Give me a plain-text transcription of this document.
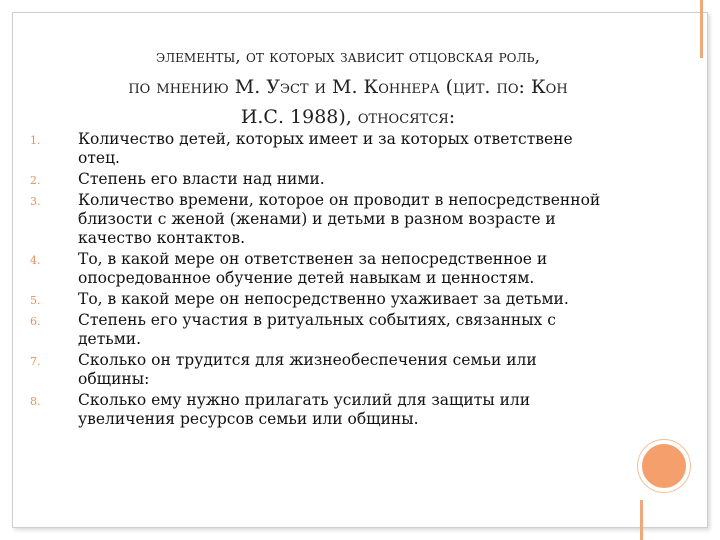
элементы, от которых зависит отцовская роль,
по мнению М. Уэст и М. Коннера (цит. по: Кон
И.С. 1988), относятся:
1. Количество детей, которых имеет и за которых ответствене
отец.
2. Степень его власти над ними.
3. Количество времени, которое он проводит в непосредственной
близости с женой (женами) и детьми в разном возрасте и
качество контактов.
4. То, в какой мере он ответственен за непосредственное и
опосредованное обучение детей навыкам и ценностям.
5. То, в какой мере он непосредственно ухаживает за детьми.
6. Степень его участия в ритуальных событиях, связанных с
детьми.
7. Сколько он трудится для жизнеобеспечения семьи или
общины:
8. Сколько ему нужно прилагать усилий для защиты или
увеличения ресурсов семьи или общины.
